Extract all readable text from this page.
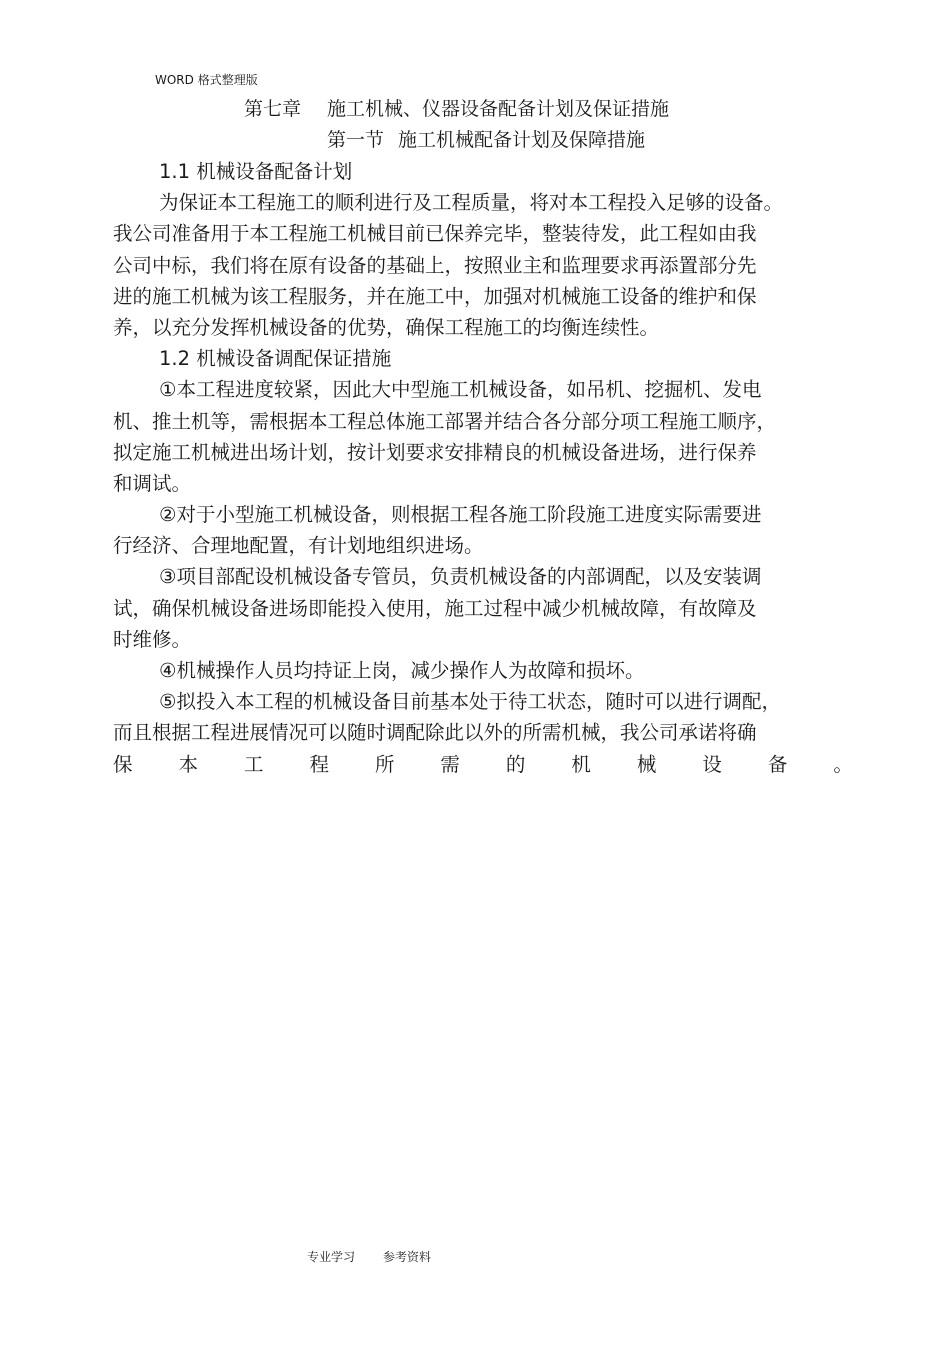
WORD 格式整理版
第七章 施工机械、仪器设备配备计划及保证措施
第一节 施工机械配备计划及保障措施
1.1 机械设备配备计划
为保证本工程施工的顺利进行及工程质量，将对本工程投入足够的设备。
我公司准备用于本工程施工机械目前已保养完毕，整装待发，此工程如由我
公司中标，我们将在原有设备的基础上，按照业主和监理要求再添置部分先
进的施工机械为该工程服务，并在施工中，加强对机械施工设备的维护和保
养，以充分发挥机械设备的优势，确保工程施工的均衡连续性。
1.2 机械设备调配保证措施
①本工程进度较紧，因此大中型施工机械设备，如吊机、挖掘机、发电
机、推土机等，需根据本工程总体施工部署并结合各分部分项工程施工顺序，
拟定施工机械进出场计划，按计划要求安排精良的机械设备进场，进行保养
和调试。
②对于小型施工机械设备，则根据工程各施工阶段施工进度实际需要进
行经济、合理地配置，有计划地组织进场。
③项目部配设机械设备专管员，负责机械设备的内部调配，以及安装调
试，确保机械设备进场即能投入使用，施工过程中减少机械故障，有故障及
时维修。
④机械操作人员均持证上岗，减少操作人为故障和损坏。
⑤拟投入本工程的机械设备目前基本处于待工状态，随时可以进行调配，
而且根据工程进展情况可以随时调配除此以外的所需机械，我公司承诺将确
保 本 工 程 所 需 的 机 械 设 备 。
专业学习 参考资料
